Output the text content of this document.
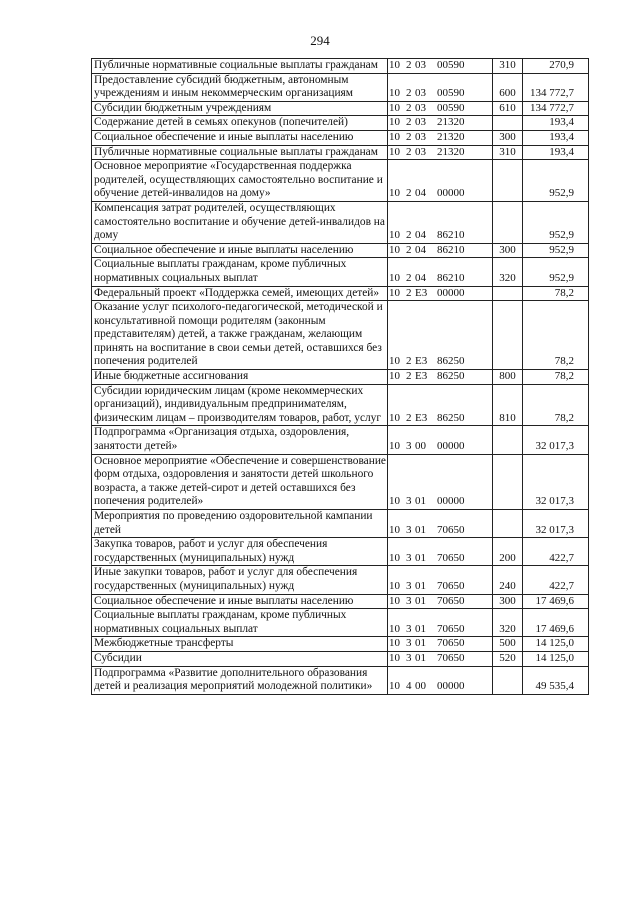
294
Публичные нормативные социальные выплаты гражданам	10 2 03 00590	310	270,9
Предоставление субсидий бюджетным, автономным учреждениям и иным некоммерческим организациям	10 2 03 00590	600	134 772,7
Субсидии бюджетным учреждениям	10 2 03 00590	610	134 772,7
Содержание детей в семьях опекунов (попечителей)	10 2 03 21320		193,4
Социальное обеспечение и иные выплаты населению	10 2 03 21320	300	193,4
Публичные нормативные социальные выплаты гражданам	10 2 03 21320	310	193,4
Основное мероприятие «Государственная поддержка родителей, осуществляющих самостоятельно воспитание и обучение детей-инвалидов на дому»	10 2 04 00000		952,9
Компенсация затрат родителей, осуществляющих самостоятельно воспитание и обучение детей-инвалидов на дому	10 2 04 86210		952,9
Социальное обеспечение и иные выплаты населению	10 2 04 86210	300	952,9
Социальные выплаты гражданам, кроме публичных нормативных социальных выплат	10 2 04 86210	320	952,9
Федеральный проект «Поддержка семей, имеющих детей»	10 2 Е3 00000		78,2
Оказание услуг психолого-педагогической, методической и консультативной помощи родителям (законным представителям) детей, а также гражданам, желающим принять на воспитание в свои семьи детей, оставшихся без попечения родителей	10 2 Е3 86250		78,2
Иные бюджетные ассигнования	10 2 Е3 86250	800	78,2
Субсидии юридическим лицам (кроме некоммерческих организаций), индивидуальным предпринимателям, физическим лицам – производителям товаров, работ, услуг	10 2 Е3 86250	810	78,2
Подпрограмма «Организация отдыха, оздоровления, занятости детей»	10 3 00 00000		32 017,3
Основное мероприятие «Обеспечение и совершенствование форм отдыха, оздоровления и занятости детей школьного возраста, а также детей-сирот и детей оставшихся без попечения родителей»	10 3 01 00000		32 017,3
Мероприятия по проведению оздоровительной кампании детей	10 3 01 70650		32 017,3
Закупка товаров, работ и услуг для обеспечения государственных (муниципальных) нужд	10 3 01 70650	200	422,7
Иные закупки товаров, работ и услуг для обеспечения государственных (муниципальных) нужд	10 3 01 70650	240	422,7
Социальное обеспечение и иные выплаты населению	10 3 01 70650	300	17 469,6
Социальные выплаты гражданам, кроме публичных нормативных социальных выплат	10 3 01 70650	320	17 469,6
Межбюджетные трансферты	10 3 01 70650	500	14 125,0
Субсидии	10 3 01 70650	520	14 125,0
Подпрограмма «Развитие дополнительного образования детей и реализация мероприятий молодежной политики»	10 4 00 00000		49 535,4
